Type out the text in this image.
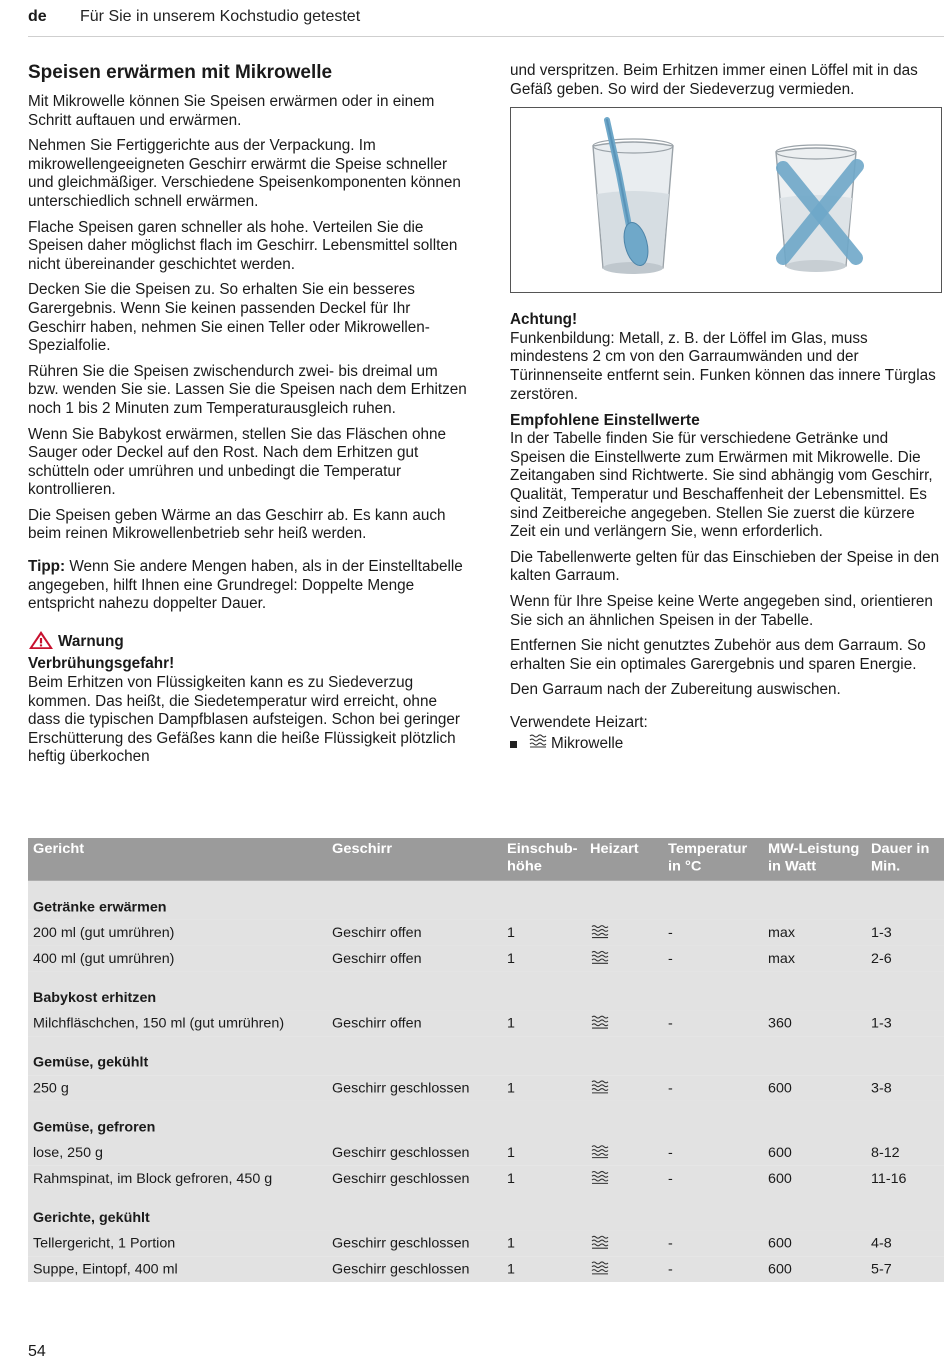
de Für Sie in unserem Kochstudio getestet
Speisen erwärmen mit Mikrowelle

Mit Mikrowelle können Sie Speisen erwärmen oder in einem Schritt auftauen und erwärmen.

Nehmen Sie Fertiggerichte aus der Verpackung. Im mikrowellengeeigneten Geschirr erwärmt die Speise schneller und gleichmäßiger. Verschiedene Speisenkomponenten können unterschiedlich schnell erwärmen.

Flache Speisen garen schneller als hohe. Verteilen Sie die Speisen daher möglichst flach im Geschirr. Lebensmittel sollten nicht übereinander geschichtet werden.

Decken Sie die Speisen zu. So erhalten Sie ein besseres Garergebnis. Wenn Sie keinen passenden Deckel für Ihr Geschirr haben, nehmen Sie einen Teller oder Mikrowellen-Spezialfolie.

Rühren Sie die Speisen zwischendurch zwei- bis dreimal um bzw. wenden Sie sie. Lassen Sie die Speisen nach dem Erhitzen noch 1 bis 2 Minuten zum Temperaturausgleich ruhen.

Wenn Sie Babykost erwärmen, stellen Sie das Fläschen ohne Sauger oder Deckel auf den Rost. Nach dem Erhitzen gut schütteln oder umrühren und unbedingt die Temperatur kontrollieren.

Die Speisen geben Wärme an das Geschirr ab. Es kann auch beim reinen Mikrowellenbetrieb sehr heiß werden.

Tipp: Wenn Sie andere Mengen haben, als in der Einstelltabelle angegeben, hilft Ihnen eine Grundregel: Doppelte Menge entspricht nahezu doppelter Dauer.

Warnung
Verbrühungsgefahr!
Beim Erhitzen von Flüssigkeiten kann es zu Siedeverzug kommen. Das heißt, die Siedetemperatur wird erreicht, ohne dass die typischen Dampfblasen aufsteigen. Schon bei geringer Erschütterung des Gefäßes kann die heiße Flüssigkeit plötzlich heftig überkochen

und verspritzen. Beim Erhitzen immer einen Löffel mit in das Gefäß geben. So wird der Siedeverzug vermieden.

Achtung!

Funkenbildung: Metall, z. B. der Löffel im Glas, muss mindestens 2 cm von den Garraumwänden und der Türinnenseite entfernt sein. Funken können das innere Türglas zerstören.

Empfohlene Einstellwerte

In der Tabelle finden Sie für verschiedene Getränke und Speisen die Einstellwerte zum Erwärmen mit Mikrowelle. Die Zeitangaben sind Richtwerte. Sie sind abhängig vom Geschirr, Qualität, Temperatur und Beschaffenheit der Lebensmittel. Es sind Zeitbereiche angegeben. Stellen Sie zuerst die kürzere Zeit ein und verlängern Sie, wenn erforderlich.

Die Tabellenwerte gelten für das Einschieben der Speise in den kalten Garraum.

Wenn für Ihre Speise keine Werte angegeben sind, orientieren Sie sich an ähnlichen Speisen in der Tabelle.

Entfernen Sie nicht genutztes Zubehör aus dem Garraum. So erhalten Sie ein optimales Garergebnis und sparen Energie.

Den Garraum nach der Zubereitung auswischen.

Verwendete Heizart:
Mikrowelle
Gericht	Geschirr	Einschub-höhe	Heizart	Temperatur in °C	MW-Leistung in Watt	Dauer in Min.
Getränke erwärmen						
200 ml (gut umrühren)	Geschirr offen	1		-	max	1-3
400 ml (gut umrühren)	Geschirr offen	1		-	max	2-6
Babykost erhitzen						
Milchfläschchen, 150 ml (gut umrühren)	Geschirr offen	1		-	360	1-3
Gemüse, gekühlt						
250 g	Geschirr geschlossen	1		-	600	3-8
Gemüse, gefroren						
lose, 250 g	Geschirr geschlossen	1		-	600	8-12
Rahmspinat, im Block gefroren, 450 g	Geschirr geschlossen	1		-	600	11-16
Gerichte, gekühlt						
Tellergericht, 1 Portion	Geschirr geschlossen	1		-	600	4-8
Suppe, Eintopf, 400 ml	Geschirr geschlossen	1		-	600	5-7
54
